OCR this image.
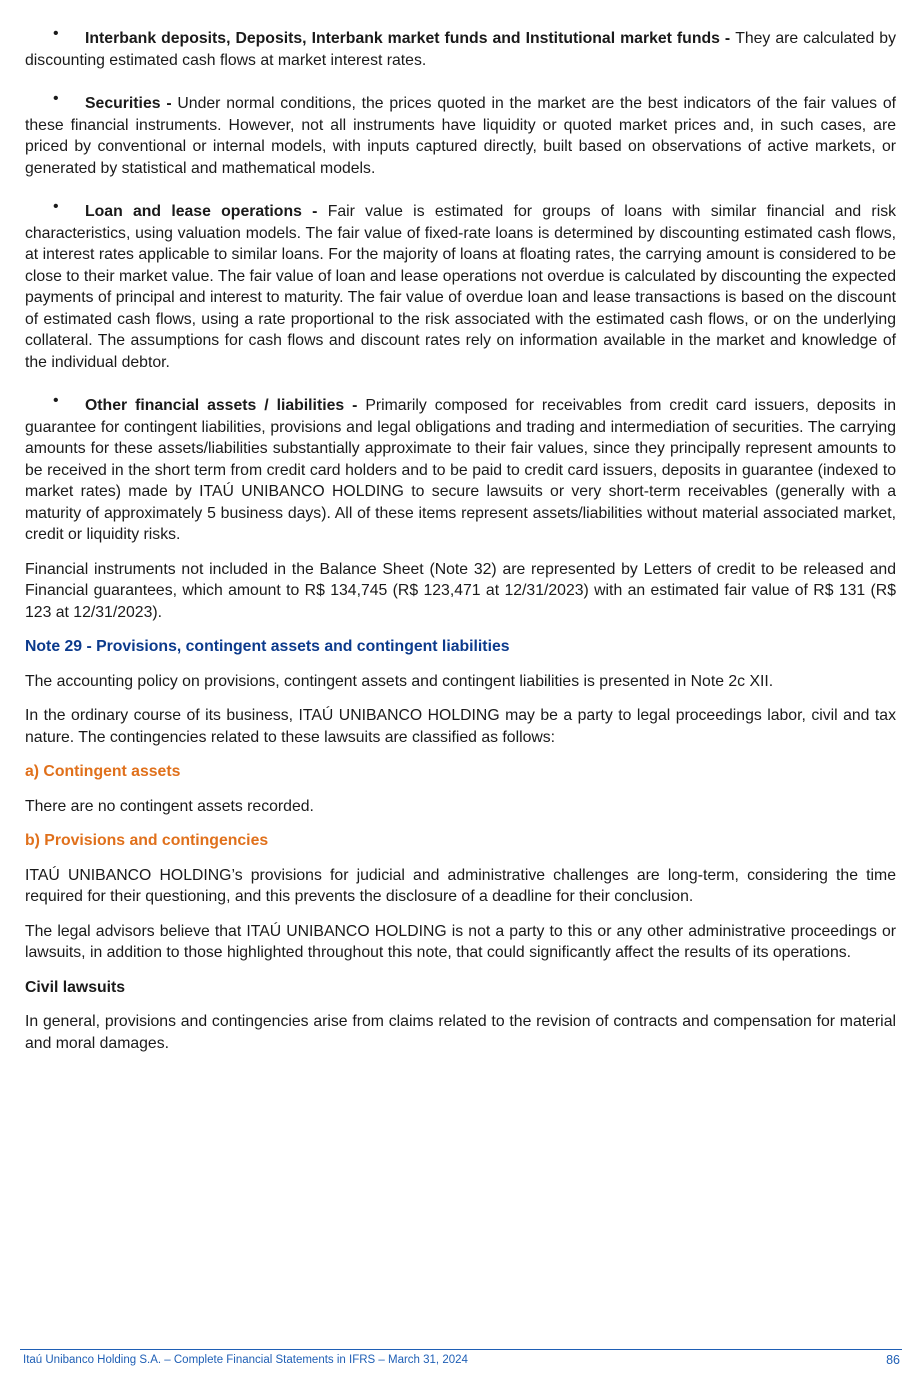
•	Interbank deposits, Deposits, Interbank market funds and Institutional market funds - They are calculated by discounting estimated cash flows at market interest rates.

•	Securities - Under normal conditions, the prices quoted in the market are the best indicators of the fair values of these financial instruments. However, not all instruments have liquidity or quoted market prices and, in such cases, are priced by conventional or internal models, with inputs captured directly, built based on observations of active markets, or generated by statistical and mathematical models.

•	Loan and lease operations - Fair value is estimated for groups of loans with similar financial and risk characteristics, using valuation models. The fair value of fixed-rate loans is determined by discounting estimated cash flows, at interest rates applicable to similar loans. For the majority of loans at floating rates, the carrying amount is considered to be close to their market value. The fair value of loan and lease operations not overdue is calculated by discounting the expected payments of principal and interest to maturity. The fair value of overdue loan and lease transactions is based on the discount of estimated cash flows, using a rate proportional to the risk associated with the estimated cash flows, or on the underlying collateral. The assumptions for cash flows and discount rates rely on information available in the market and knowledge of the individual debtor.

•	Other financial assets / liabilities - Primarily composed for receivables from credit card issuers, deposits in guarantee for contingent liabilities, provisions and legal obligations and trading and intermediation of securities. The carrying amounts for these assets/liabilities substantially approximate to their fair values, since they principally represent amounts to be received in the short term from credit card holders and to be paid to credit card issuers, deposits in guarantee (indexed to market rates) made by ITAÚ UNIBANCO HOLDING to secure lawsuits or very short-term receivables (generally with a maturity of approximately 5 business days). All of these items represent assets/liabilities without material associated market, credit or liquidity risks.

Financial instruments not included in the Balance Sheet (Note 32) are represented by Letters of credit to be released and Financial guarantees, which amount to R$ 134,745 (R$ 123,471 at 12/31/2023) with an estimated fair value of R$ 131 (R$ 123 at 12/31/2023).

Note 29 - Provisions, contingent assets and contingent liabilities

The accounting policy on provisions, contingent assets and contingent liabilities is presented in Note 2c XII.

In the ordinary course of its business, ITAÚ UNIBANCO HOLDING may be a party to legal proceedings labor, civil and tax nature. The contingencies related to these lawsuits are classified as follows:

a) Contingent assets

There are no contingent assets recorded.

b) Provisions and contingencies

ITAÚ UNIBANCO HOLDING’s provisions for judicial and administrative challenges are long-term, considering the time required for their questioning, and this prevents the disclosure of a deadline for their conclusion.

The legal advisors believe that ITAÚ UNIBANCO HOLDING is not a party to this or any other administrative proceedings or lawsuits, in addition to those highlighted throughout this note, that could significantly affect the results of its operations.

Civil lawsuits

In general, provisions and contingencies arise from claims related to the revision of contracts and compensation for material and moral damages.

Itaú Unibanco Holding S.A. – Complete Financial Statements in IFRS – March 31, 2024	86
